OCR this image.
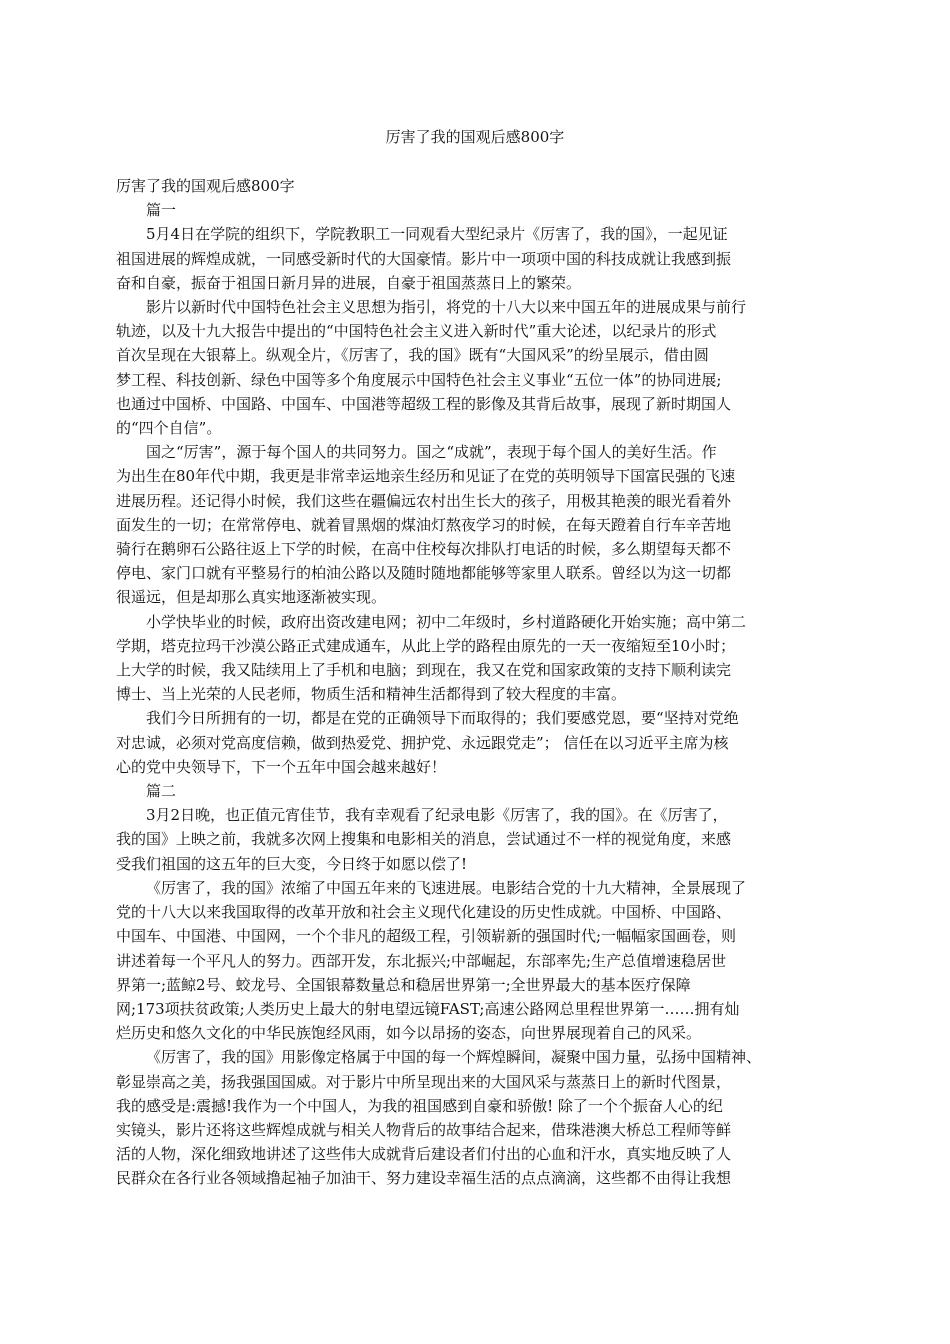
厉害了我的国观后感800字
厉害了我的国观后感800字
篇一
5月4日在学院的组织下，学院教职工一同观看大型纪录片《厉害了，我的国》，一起见证
祖国进展的辉煌成就，一同感受新时代的大国豪情。影片中一项项中国的科技成就让我感到振
奋和自豪，振奋于祖国日新月异的进展，自豪于祖国蒸蒸日上的繁荣。
影片以新时代中国特色社会主义思想为指引，将党的十八大以来中国五年的进展成果与前行
轨迹，以及十九大报告中提出的“中国特色社会主义进入新时代”重大论述，以纪录片的形式
首次呈现在大银幕上。纵观全片，《厉害了，我的国》既有“大国风采”的纷呈展示，借由圆
梦工程、科技创新、绿色中国等多个角度展示中国特色社会主义事业“五位一体”的协同进展;
也通过中国桥、中国路、中国车、中国港等超级工程的影像及其背后故事，展现了新时期国人
的“四个自信”。
国之“厉害”，源于每个国人的共同努力。国之“成就”，表现于每个国人的美好生活。作
为出生在80年代中期，我更是非常幸运地亲生经历和见证了在党的英明领导下国富民强的飞速
进展历程。还记得小时候，我们这些在疆偏远农村出生长大的孩子，用极其艳羡的眼光看着外
面发生的一切；在常常停电、就着冒黑烟的煤油灯熬夜学习的时候，在每天蹬着自行车辛苦地
骑行在鹅卵石公路往返上下学的时候，在高中住校每次排队打电话的时候，多么期望每天都不
停电、家门口就有平整易行的柏油公路以及随时随地都能够等家里人联系。曾经以为这一切都
很遥远，但是却那么真实地逐渐被实现。
小学快毕业的时候，政府出资改建电网；初中二年级时，乡村道路硬化开始实施；高中第二
学期，塔克拉玛干沙漠公路正式建成通车，从此上学的路程由原先的一天一夜缩短至10小时；
上大学的时候，我又陆续用上了手机和电脑；到现在，我又在党和国家政策的支持下顺利读完
博士、当上光荣的人民老师，物质生活和精神生活都得到了较大程度的丰富。
我们今日所拥有的一切，都是在党的正确领导下而取得的；我们要感党恩，要“坚持对党绝
对忠诚，必须对党高度信赖，做到热爱党、拥护党、永远跟党走”； 信任在以习近平主席为核
心的党中央领导下，下一个五年中国会越来越好！
篇二
3月2日晚，也正值元宵佳节，我有幸观看了纪录电影《厉害了，我的国》。在《厉害了，
我的国》上映之前，我就多次网上搜集和电影相关的消息，尝试通过不一样的视觉角度，来感
受我们祖国的这五年的巨大变，今日终于如愿以偿了!
《厉害了，我的国》浓缩了中国五年来的飞速进展。电影结合党的十九大精神，全景展现了
党的十八大以来我国取得的改革开放和社会主义现代化建设的历史性成就。中国桥、中国路、
中国车、中国港、中国网，一个个非凡的超级工程，引领崭新的强国时代;一幅幅家国画卷，则
讲述着每一个平凡人的努力。西部开发，东北振兴;中部崛起，东部率先;生产总值增速稳居世
界第一;蓝鲸2号、蛟龙号、全国银幕数量总和稳居世界第一;全世界最大的基本医疗保障
网;173项扶贫政策;人类历史上最大的射电望远镜FAST;高速公路网总里程世界第一……拥有灿
烂历史和悠久文化的中华民族饱经风雨，如今以昂扬的姿态，向世界展现着自己的风采。
《厉害了，我的国》用影像定格属于中国的每一个辉煌瞬间，凝聚中国力量，弘扬中国精神、
彰显崇高之美，扬我强国国威。对于影片中所呈现出来的大国风采与蒸蒸日上的新时代图景，
我的感受是:震撼!我作为一个中国人，为我的祖国感到自豪和骄傲! 除了一个个振奋人心的纪
实镜头，影片还将这些辉煌成就与相关人物背后的故事结合起来，借珠港澳大桥总工程师等鲜
活的人物，深化细致地讲述了这些伟大成就背后建设者们付出的心血和汗水，真实地反映了人
民群众在各行业各领域撸起袖子加油干、努力建设幸福生活的点点滴滴，这些都不由得让我想
